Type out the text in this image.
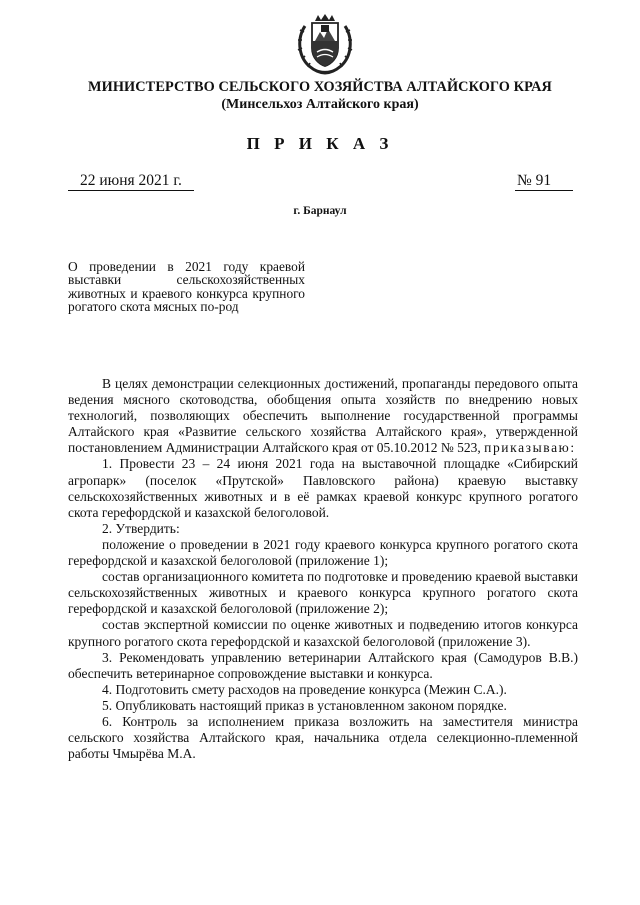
МИНИСТЕРСТВО СЕЛЬСКОГО ХОЗЯЙСТВА АЛТАЙСКОГО КРАЯ
(Минсельхоз Алтайского края)
П Р И К А З
22 июня 2021 г.	№ 91
г. Барнаул
О проведении в 2021 году краевой выставки сельскохозяйственных животных и краевого конкурса крупного рогатого скота мясных по-род

В целях демонстрации селекционных достижений, пропаганды передового опыта ведения мясного скотоводства, обобщения опыта хозяйств по внедрению новых технологий, позволяющих обеспечить выполнение государственной программы Алтайского края «Развитие сельского хозяйства Алтайского края», утвержденной постановлением Администрации Алтайского края от 05.10.2012 № 523, приказываю:

1. Провести 23 – 24 июня 2021 года на выставочной площадке «Сибирский агропарк» (поселок «Прутской» Павловского района) краевую выставку сельскохозяйственных животных и в её рамках краевой конкурс крупного рогатого скота герефордской и казахской белоголовой.

2. Утвердить:

положение о проведении в 2021 году краевого конкурса крупного рогатого скота герефордской и казахской белоголовой (приложение 1);

состав организационного комитета по подготовке и проведению краевой выставки сельскохозяйственных животных и краевого конкурса крупного рогатого скота герефордской и казахской белоголовой (приложение 2);

состав экспертной комиссии по оценке животных и подведению итогов конкурса крупного рогатого скота герефордской и казахской белоголовой (приложение 3).

3. Рекомендовать управлению ветеринарии Алтайского края (Самодуров В.В.) обеспечить ветеринарное сопровождение выставки и конкурса.

4. Подготовить смету расходов на проведение конкурса (Межин С.А.).

5. Опубликовать настоящий приказ в установленном законом порядке.

6. Контроль за исполнением приказа возложить на заместителя министра сельского хозяйства Алтайского края, начальника отдела селекционно-племенной работы Чмырёва М.А.
